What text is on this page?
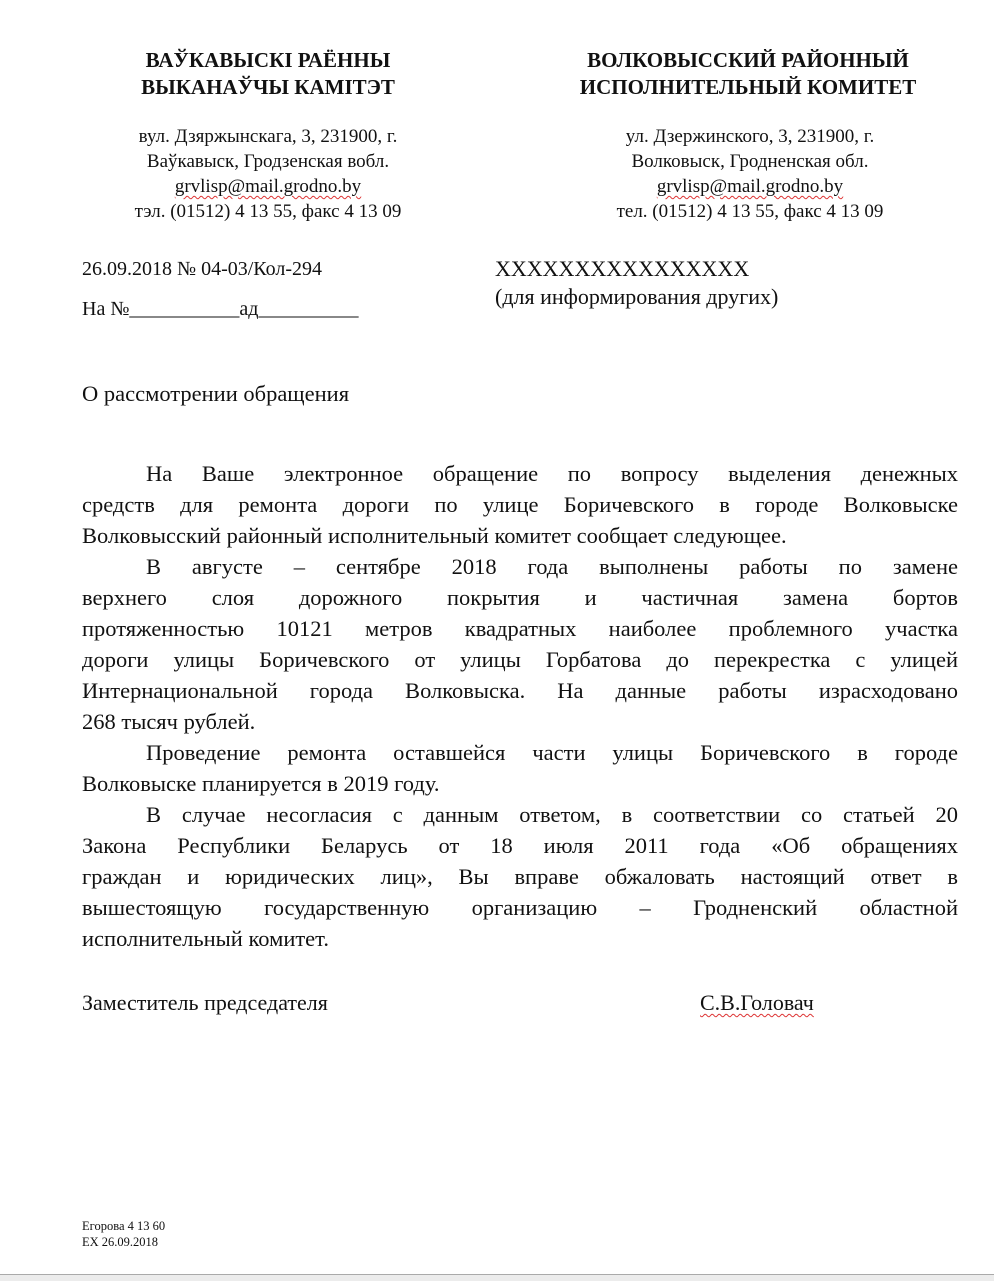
ВАЎКАВЫСКІ РАЁННЫ
ВЫКАНАЎЧЫ КАМІТЭТ
ВОЛКОВЫССКИЙ РАЙОННЫЙ
ИСПОЛНИТЕЛЬНЫЙ КОМИТЕТ
вул. Дзяржынскага, 3, 231900, г.
Ваўкавыск, Гродзенская вобл.
grvlisp@mail.grodno.by
тэл. (01512) 4 13 55, факс 4 13 09
ул. Дзержинского, 3, 231900, г.
Волковыск, Гродненская обл.
grvlisp@mail.grodno.by
тел. (01512) 4 13 55, факс 4 13 09
26.09.2018 № 04-03/Кол-294
На №___________ад__________
XXXXXXXXXXXXXXXX
(для информирования других)
О рассмотрении обращения
На Ваше электронное обращение по вопросу выделения денежных
средств для ремонта дороги по улице Боричевского в городе Волковыске
Волковысский районный исполнительный комитет сообщает следующее.
В августе – сентябре 2018 года выполнены работы по замене
верхнего слоя дорожного покрытия и частичная замена бортов
протяженностью 10121 метров квадратных наиболее проблемного участка
дороги улицы Боричевского от улицы Горбатова до перекрестка с улицей
Интернациональной города Волковыска. На данные работы израсходовано
268 тысяч рублей.
Проведение ремонта оставшейся части улицы Боричевского в городе
Волковыске планируется в 2019 году.
В случае несогласия с данным ответом, в соответствии со статьей 20
Закона Республики Беларусь от 18 июля 2011 года «Об обращениях
граждан и юридических лиц», Вы вправе обжаловать настоящий ответ в
вышестоящую государственную организацию – Гродненский областной
исполнительный комитет.
Заместитель председателя	С.В.Головач
Егорова 4 13 60
ЕХ 26.09.2018
